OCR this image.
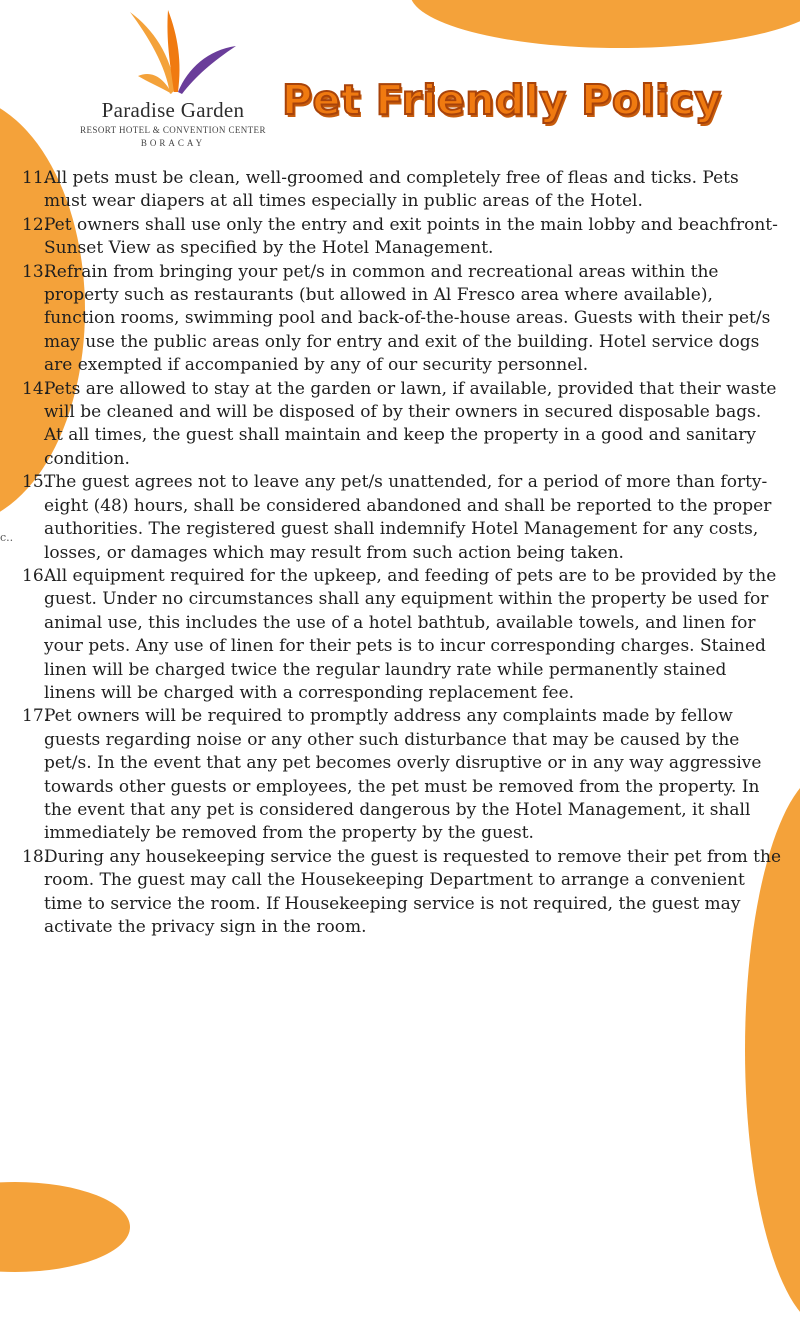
Paradise Garden
RESORT HOTEL & CONVENTION CENTER
BORACAY
Pet Friendly Policy
c..
11.
All pets must be clean, well-groomed and completely free of fleas and ticks. Pets must wear diapers at all times especially in public areas of the Hotel.
12.
Pet owners shall use only the entry and exit points in the main lobby and beachfront-Sunset View as specified by the Hotel Management.
13.
Refrain from bringing your pet/s in common and recreational areas within the property such as restaurants (but allowed in Al Fresco area where available), function rooms, swimming pool and back-of-the-house areas. Guests with their pet/s may use the public areas only for entry and exit of the building. Hotel service dogs are exempted if accompanied by any of our security personnel.
14.
Pets are allowed to stay at the garden or lawn, if available, provided that their waste will be cleaned and will be disposed of by their owners in secured disposable bags. At all times, the guest shall maintain and keep the property in a good and sanitary condition.
15.
The guest agrees not to leave any pet/s unattended, for a period of more than forty-eight (48) hours, shall be considered abandoned and shall be reported to the proper authorities. The registered guest shall indemnify Hotel Management for any costs, losses, or damages which may result from such action being taken.
16.
All equipment required for the upkeep, and feeding of pets are to be provided by the guest. Under no circumstances shall any equipment within the property be used for animal use, this includes the use of a hotel bathtub, available towels, and linen for your pets. Any use of linen for their pets is to incur corresponding charges. Stained linen will be charged twice the regular laundry rate while permanently stained linens will be charged with a corresponding replacement fee.
17.
Pet owners will be required to promptly address any complaints made by fellow guests regarding noise or any other such disturbance that may be caused by the pet/s. In the event that any pet becomes overly disruptive or in any way aggressive towards other guests or employees, the pet must be removed from the property. In the event that any pet is considered dangerous by the Hotel Management, it shall immediately be removed from the property by the guest.
18.
During any housekeeping service the guest is requested to remove their pet from the room. The guest may call the Housekeeping Department to arrange a convenient time to service the room. If Housekeeping service is not required, the guest may activate the privacy sign in the room.
